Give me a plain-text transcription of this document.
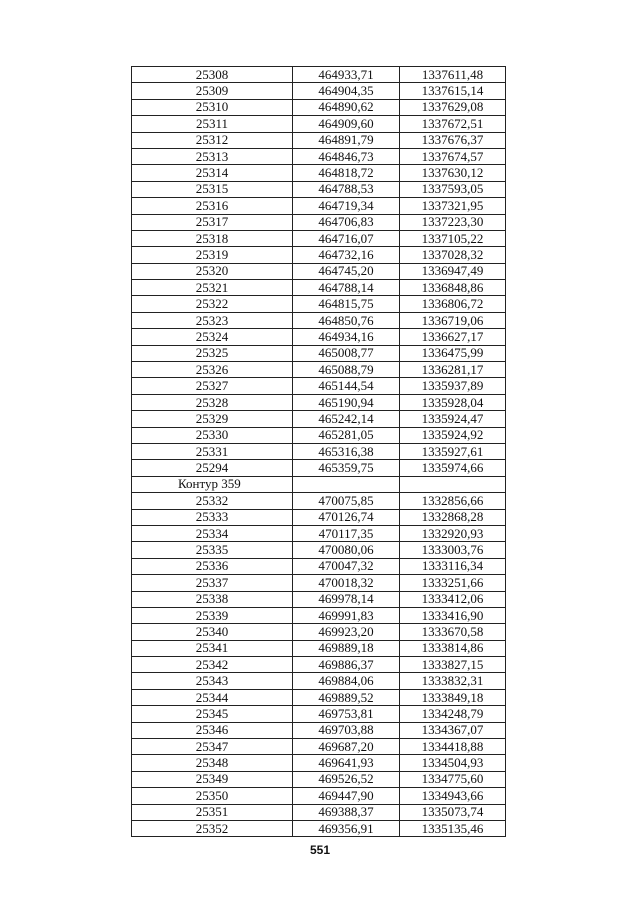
25308	464933,71	1337611,48
25309	464904,35	1337615,14
25310	464890,62	1337629,08
25311	464909,60	1337672,51
25312	464891,79	1337676,37
25313	464846,73	1337674,57
25314	464818,72	1337630,12
25315	464788,53	1337593,05
25316	464719,34	1337321,95
25317	464706,83	1337223,30
25318	464716,07	1337105,22
25319	464732,16	1337028,32
25320	464745,20	1336947,49
25321	464788,14	1336848,86
25322	464815,75	1336806,72
25323	464850,76	1336719,06
25324	464934,16	1336627,17
25325	465008,77	1336475,99
25326	465088,79	1336281,17
25327	465144,54	1335937,89
25328	465190,94	1335928,04
25329	465242,14	1335924,47
25330	465281,05	1335924,92
25331	465316,38	1335927,61
25294	465359,75	1335974,66
Контур 359		
25332	470075,85	1332856,66
25333	470126,74	1332868,28
25334	470117,35	1332920,93
25335	470080,06	1333003,76
25336	470047,32	1333116,34
25337	470018,32	1333251,66
25338	469978,14	1333412,06
25339	469991,83	1333416,90
25340	469923,20	1333670,58
25341	469889,18	1333814,86
25342	469886,37	1333827,15
25343	469884,06	1333832,31
25344	469889,52	1333849,18
25345	469753,81	1334248,79
25346	469703,88	1334367,07
25347	469687,20	1334418,88
25348	469641,93	1334504,93
25349	469526,52	1334775,60
25350	469447,90	1334943,66
25351	469388,37	1335073,74
25352	469356,91	1335135,46
551
